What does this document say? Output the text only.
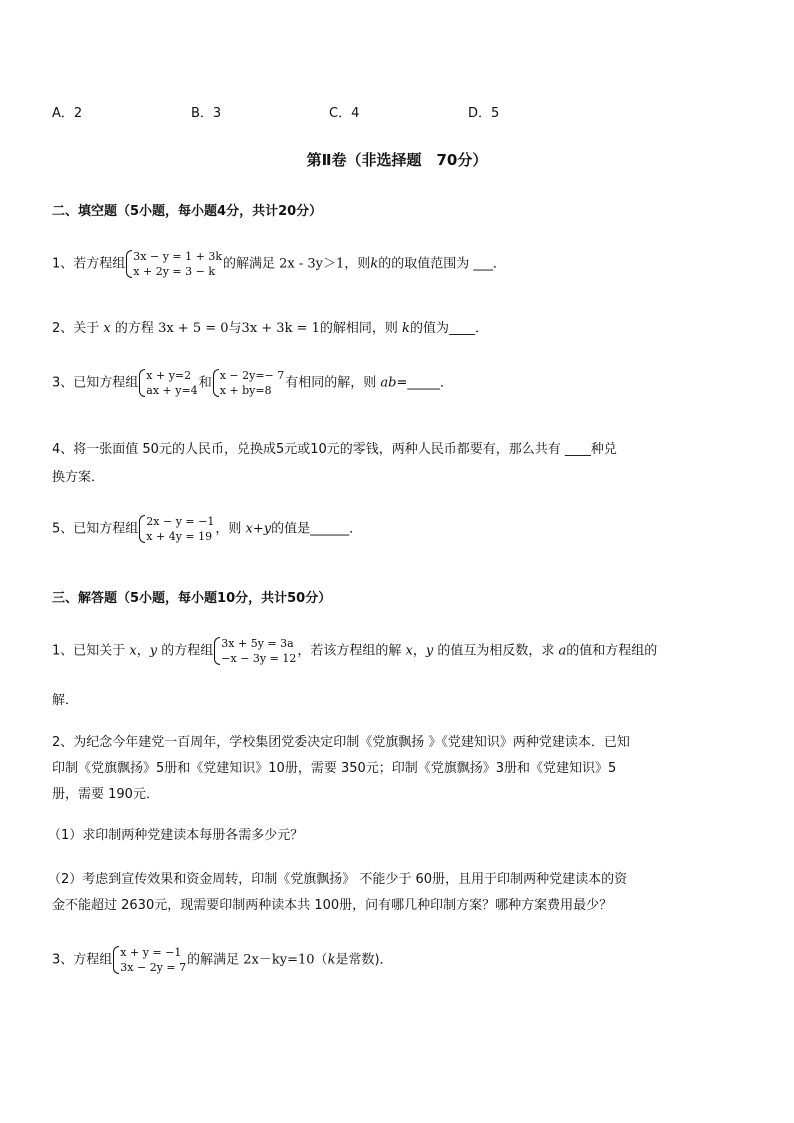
A．2	B．3	C．4	D．5
第Ⅱ卷（非选择题　70分）
二、填空题（5小题，每小题4分，共计20分）
1、若方程组 3x − y = 1 + 3k
x + 2y = 3 − k 的解满足 2x - 3y＞1，则k的的取值范围为 ___．
2、关于 x 的方程 3x + 5 = 0与3x + 3k = 1的解相同，则 k的值为____．
3、已知方程组 x + y=2
ax + y=4 和 x − 2y=− 7
x + by=8	有相同的解，则 ab=_____．
4、将一张面值 50元的人民币，兑换成5元或10元的零钱，两种人民币都要有，那么共有 ____种兑
换方案．
5、已知方程组 2x − y = −1
x + 4y = 19 ，则 x+y的值是______．
三、解答题（5小题，每小题10分，共计50分）
1、已知关于 x，y 的方程组 3x + 5y = 3a
−x − 3y = 12 ，若该方程组的解 x，y 的值互为相反数，求 a的值和方程组的
解．
2、为纪念今年建党一百周年，学校集团党委决定印制《党旗飘扬 》《党建知识》两种党建读本．已知
印制《党旗飘扬》5册和《党建知识》10册，需要 350元；印制《党旗飘扬》3册和《党建知识》5
册，需要 190元．
（1）求印制两种党建读本每册各需多少元？
（2）考虑到宣传效果和资金周转，印制《党旗飘扬》 不能少于 60册，且用于印制两种党建读本的资
金不能超过 2630元，现需要印制两种读本共 100册，问有哪几种印制方案？哪种方案费用最少？
3、方程组 x + y = −1
3x − 2y = 7 的解满足 2x－ky=10（k是常数)．
